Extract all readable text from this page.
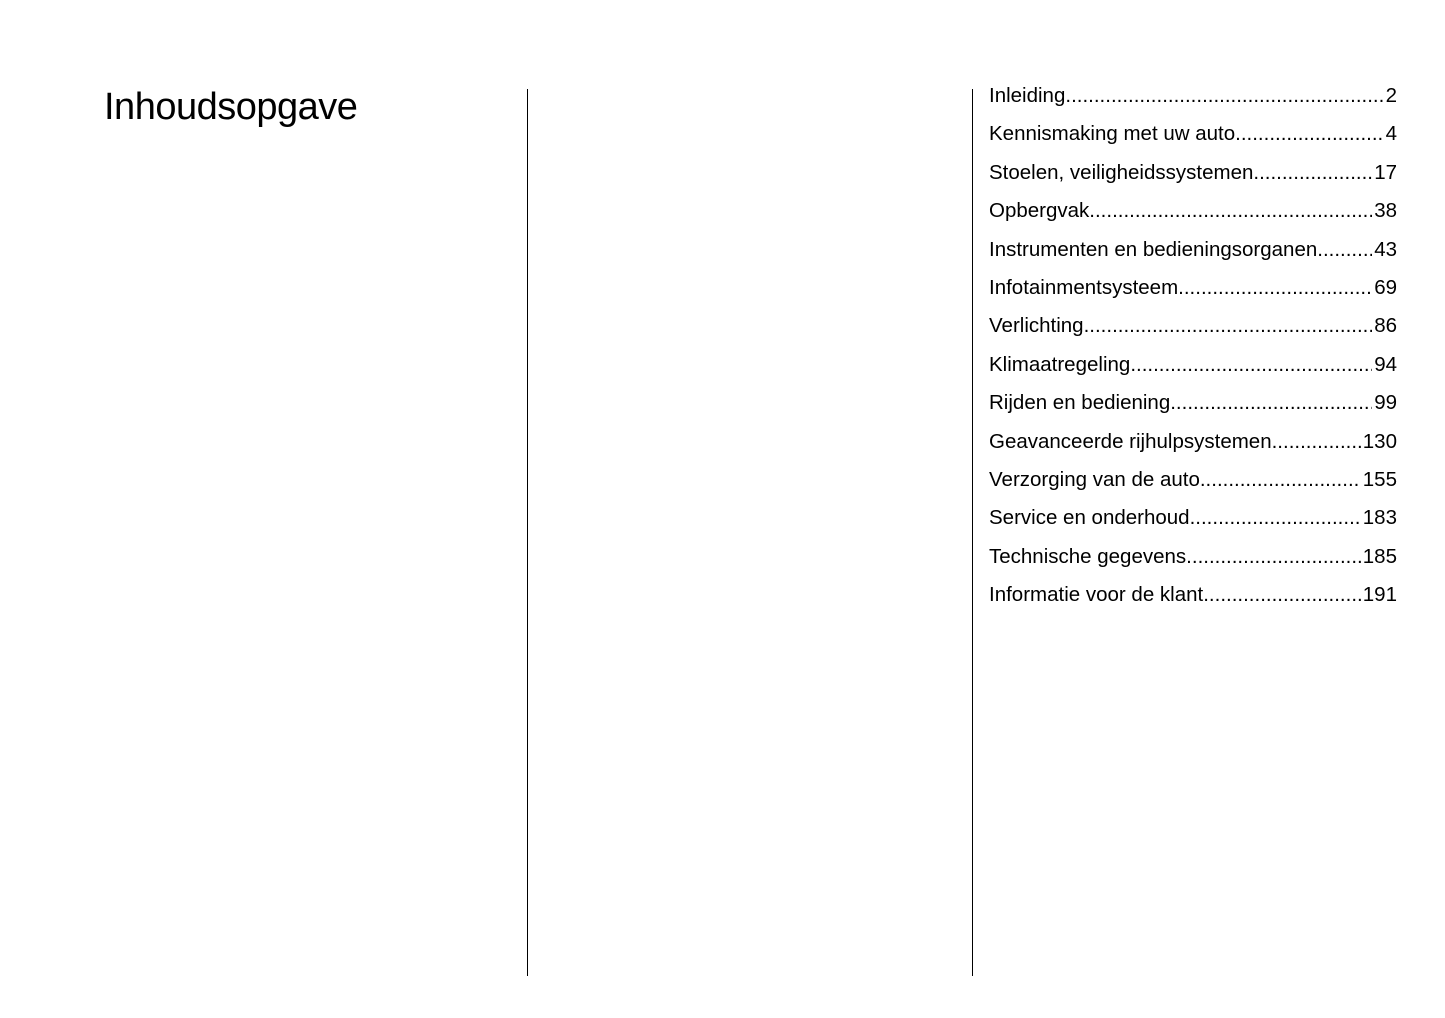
Inhoudsopgave	Inleiding .....	2
Kennismaking met uw auto .....	4
Stoelen, veiligheidssystemen .....	17
Opbergvak .....	38
Instrumenten en bedieningsorganen .....	43
Infotainmentsysteem .....	69
Verlichting .....	86
Klimaatregeling .....	94
Rijden en bediening .....	99
Geavanceerde rijhulpsystemen .....	130
Verzorging van de auto .....	155
Service en onderhoud .....	183
Technische gegevens .....	185
Informatie voor de klant .....	191
